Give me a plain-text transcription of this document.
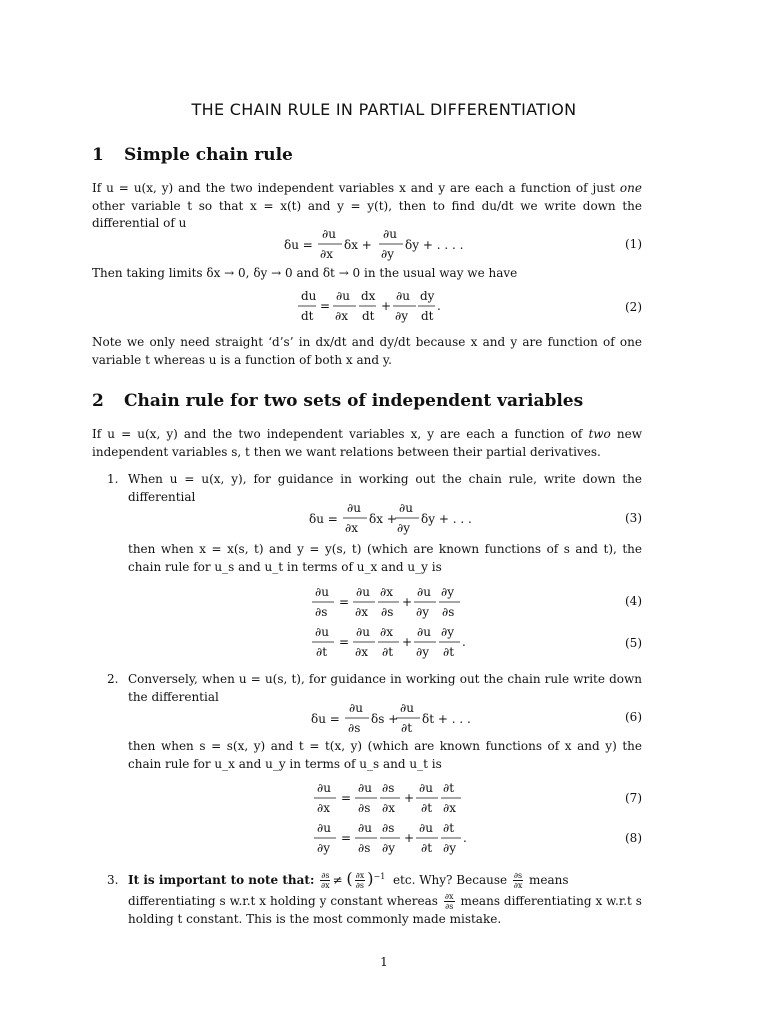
THE CHAIN RULE IN PARTIAL DIFFERENTIATION
1 Simple chain rule
If u = u(x, y) and the two independent variables x and y are each a function of just one other variable t so that x = x(t) and y = y(t), then to find du/dt we write down the differential of u
δu =
∂u
∂x
δx +
∂u
∂y
δy + . . . .	(1)
Then taking limits δx → 0, δy → 0 and δt → 0 in the usual way we have
du
dt
=
∂u
∂x
dx
dt
+
∂u
∂y
dy
dt
.	(2)
Note we only need straight ‘d’s’ in dx/dt and dy/dt because x and y are function of one variable t whereas u is a function of both x and y.
2 Chain rule for two sets of independent variables
If u = u(x, y) and the two independent variables x, y are each a function of two new independent variables s, t then we want relations between their partial derivatives.
1. When u = u(x, y), for guidance in working out the chain rule, write down the differential
δu =
∂u
∂x
δx +
∂u
∂y
δy + . . .	(3)
then when x = x(s, t) and y = y(s, t) (which are known functions of s and t), the chain rule for u_s and u_t in terms of u_x and u_y is
∂u
∂s
=
∂u
∂x
∂x
∂s
+
∂u
∂y
∂y
∂s
(4)
∂u
∂t
=
∂u
∂x
∂x
∂t
+
∂u
∂y
∂y
∂t
.	(5)
2. Conversely, when u = u(s, t), for guidance in working out the chain rule write down the differential
δu =
∂u
∂s
δs +
∂u
∂t
δt + . . .	(6)
then when s = s(x, y) and t = t(x, y) (which are known functions of x and y) the chain rule for u_x and u_y in terms of u_s and u_t is
∂u
∂x
=
∂u
∂s
∂s
∂x
+
∂u
∂t
∂t
∂x
(7)
∂u
∂y
=
∂u
∂s
∂s
∂y
+
∂u
∂t
∂t
∂y
.	(8)
3. It is important to note that: $\frac{\partial s}{\partial x}$ ≠ ( $\frac{\partial x}{\partial s} )^{-1}$ etc. Why? Because $\frac{\partial s}{\partial x}$ means
differentiating s w.r.t x holding y constant whereas $\frac{\partial x}{\partial s}$ means differentiating x w.r.t s holding t constant. This is the most commonly made mistake.
1
